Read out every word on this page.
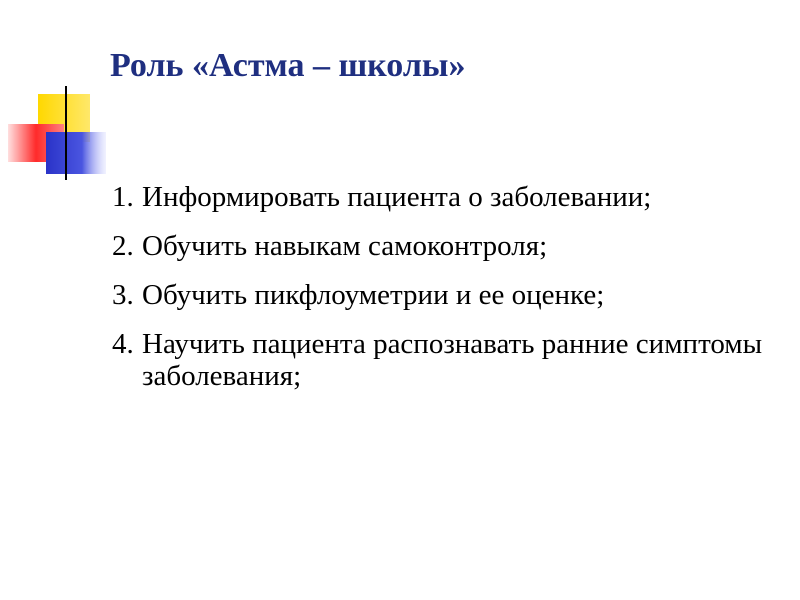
Роль «Астма – школы»
1. Информировать пациента о заболевании;
2. Обучить навыкам самоконтроля;
3. Обучить пикфлоуметрии и ее оценке;
4. Научить пациента распознавать ранние симптомы заболевания;
